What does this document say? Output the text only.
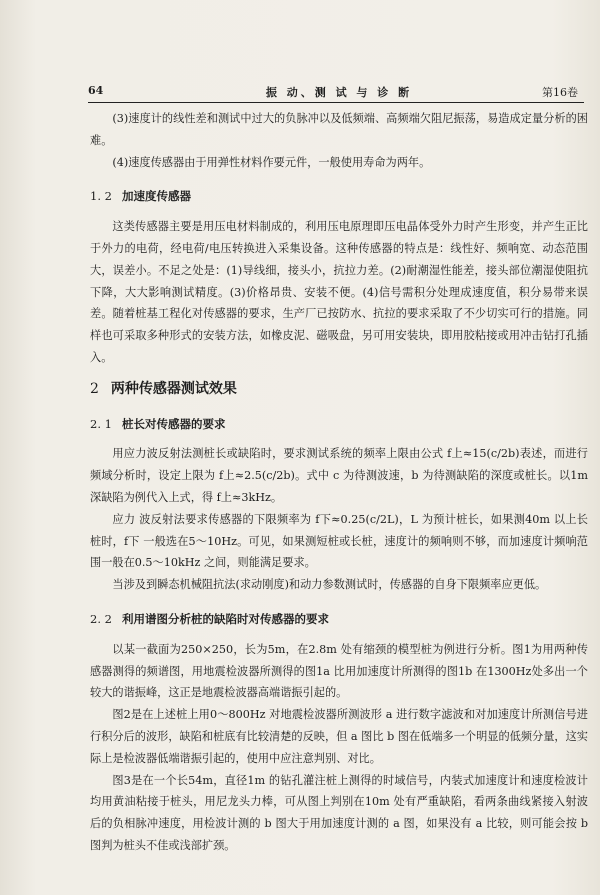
64	振 动、测 试 与 诊 断	第16卷

(3)速度计的线性差和测试中过大的负脉冲以及低频端、高频端欠阻尼振荡，易造成定量分析的困难。

(4)速度传感器由于用弹性材料作要元件，一般使用寿命为两年。

1. 2 加速度传感器

这类传感器主要是用压电材料制成的，利用压电原理即压电晶体受外力时产生形变，并产生正比于外力的电荷，经电荷/电压转换进入采集设备。这种传感器的特点是：线性好、频响宽、动态范围大，误差小。不足之处是：(1)导线细，接头小，抗拉力差。(2)耐潮湿性能差，接头部位潮湿使阻抗下降，大大影响测试精度。(3)价格昂贵、安装不便。(4)信号需积分处理成速度值，积分易带来误差。随着桩基工程化对传感器的要求，生产厂已按防水、抗拉的要求采取了不少切实可行的措施。同样也可采取多种形式的安装方法，如橡皮泥、磁吸盘，另可用安装块，即用胶粘接或用冲击钻打孔插入。

2 两种传感器测试效果
2. 1 桩长对传感器的要求

用应力波反射法测桩长或缺陷时，要求测试系统的频率上限由公式 f上≈15(c/2b)表述，而进行频域分析时，设定上限为 f上≈2.5(c/2b)。式中 c 为待测波速，b 为待测缺陷的深度或桩长。以1m 深缺陷为例代入上式，得 f上≈3kHz。

应力 波反射法要求传感器的下限频率为 f下≈0.25(c/2L)，L 为预计桩长，如果测40m 以上长桩时，f下 一般选在5～10Hz。可见，如果测短桩或长桩，速度计的频响则不够，而加速度计频响范围一般在0.5～10kHz 之间，则能满足要求。

当涉及到瞬态机械阻抗法(求动刚度)和动力参数测试时，传感器的自身下限频率应更低。

2. 2 利用谱图分析桩的缺陷时对传感器的要求

以某一截面为250×250，长为5m，在2.8m 处有缩颈的模型桩为例进行分析。图1为用两种传感器测得的频谱图，用地震检波器所测得的图1a 比用加速度计所测得的图1b 在1300Hz处多出一个 较大的谐振峰，这正是地震检波器高端谐振引起的。

图2是在上述桩上用0～800Hz 对地震检波器所测波形 a 进行数字滤波和对加速度计所测信号进行积分后的波形，缺陷和桩底有比较清楚的反映，但 a 图比 b 图在低端多一个明显的低频分量，这实际上是检波器低端谐振引起的，使用中应注意判别、对比。

图3是在一个长54m，直径1m 的钻孔灌注桩上测得的时域信号，内装式加速度计和速度检波计均用黄油粘接于桩头，用尼龙头力棒，可从图上判别在10m 处有严重缺陷，看两条曲线紧接入射波后的负相脉冲速度，用检波计测的 b 图大于用加速度计测的 a 图，如果没有 a 比较，则可能会按 b 图判为桩头不佳或浅部扩颈。
